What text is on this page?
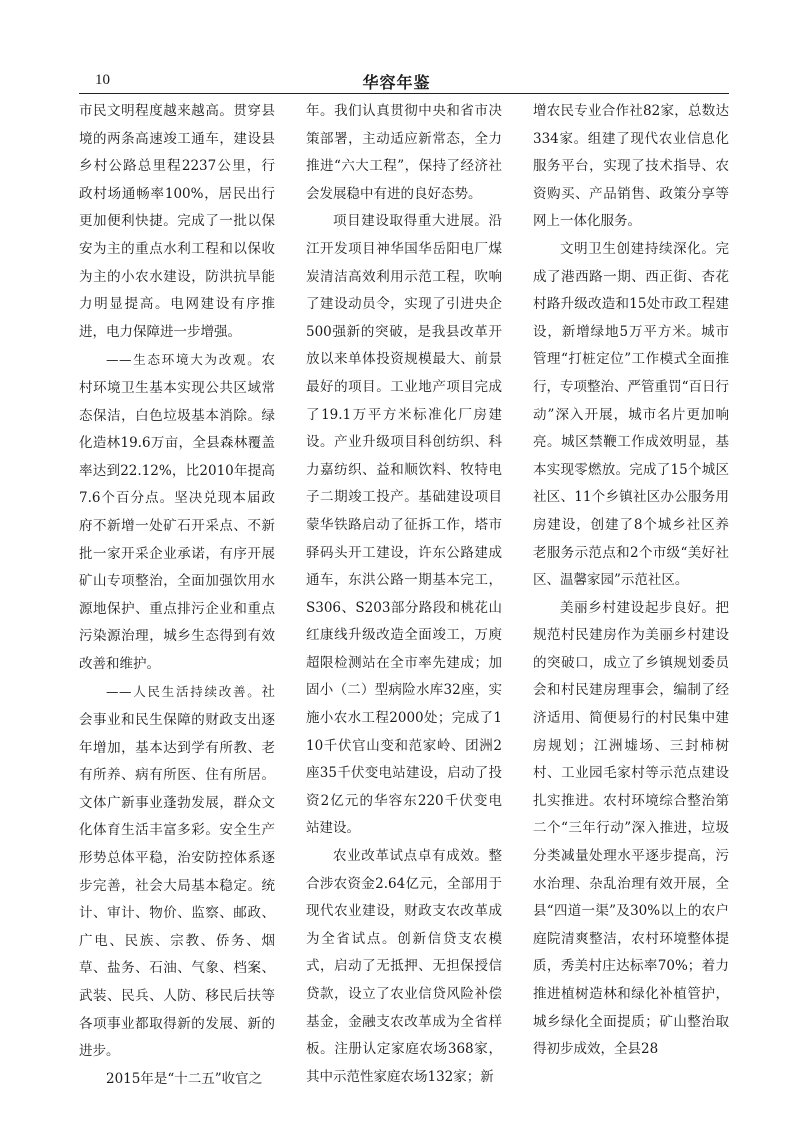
10	华容年鉴

市民文明程度越来越高。贯穿县境的两条高速竣工通车，建设县乡村公路总里程2237公里，行政村场通畅率100%，居民出行更加便利快捷。完成了一批以保安为主的重点水利工程和以保收为主的小农水建设，防洪抗旱能力明显提高。电网建设有序推进，电力保障进一步增强。

——生态环境大为改观。农村环境卫生基本实现公共区域常态保洁，白色垃圾基本消除。绿化造林19.6万亩，全县森林覆盖率达到22.12%，比2010年提高7.6个百分点。坚决兑现本届政府不新增一处矿石开采点、不新批一家开采企业承诺，有序开展矿山专项整治，全面加强饮用水源地保护、重点排污企业和重点污染源治理，城乡生态得到有效改善和维护。

——人民生活持续改善。社会事业和民生保障的财政支出逐年增加，基本达到学有所教、老有所养、病有所医、住有所居。文体广新事业蓬勃发展，群众文化体育生活丰富多彩。安全生产形势总体平稳，治安防控体系逐步完善，社会大局基本稳定。统计、审计、物价、监察、邮政、广电、民族、宗教、侨务、烟草、盐务、石油、气象、档案、武装、民兵、人防、移民后扶等各项事业都取得新的发展、新的进步。

2015年是“十二五”收官之

年。我们认真贯彻中央和省市决策部署，主动适应新常态，全力推进“六大工程”，保持了经济社会发展稳中有进的良好态势。

项目建设取得重大进展。沿江开发项目神华国华岳阳电厂煤炭清洁高效利用示范工程，吹响了建设动员令，实现了引进央企500强新的突破，是我县改革开放以来单体投资规模最大、前景最好的项目。工业地产项目完成了19.1万平方米标准化厂房建设。产业升级项目科创纺织、科力嘉纺织、益和顺饮料、牧特电子二期竣工投产。基础建设项目蒙华铁路启动了征拆工作，塔市驿码头开工建设，许东公路建成通车，东洪公路一期基本完工，S306、S203部分路段和桃花山红康线升级改造全面竣工，万庾超限检测站在全市率先建成；加固小（二）型病险水库32座，实施小农水工程2000处；完成了110千伏官山变和范家岭、团洲2座35千伏变电站建设，启动了投资2亿元的华容东220千伏变电站建设。

农业改革试点卓有成效。整合涉农资金2.64亿元，全部用于现代农业建设，财政支农改革成为全省试点。创新信贷支农模式，启动了无抵押、无担保授信贷款，设立了农业信贷风险补偿基金，金融支农改革成为全省样板。注册认定家庭农场368家，其中示范性家庭农场132家；新

增农民专业合作社82家，总数达334家。组建了现代农业信息化服务平台，实现了技术指导、农资购买、产品销售、政策分享等网上一体化服务。

文明卫生创建持续深化。完成了港西路一期、西正街、杏花村路升级改造和15处市政工程建设，新增绿地5万平方米。城市管理“打桩定位”工作模式全面推行，专项整治、严管重罚“百日行动”深入开展，城市名片更加响亮。城区禁鞭工作成效明显，基本实现零燃放。完成了15个城区社区、11个乡镇社区办公服务用房建设，创建了8个城乡社区养老服务示范点和2个市级“美好社区、温馨家园”示范社区。

美丽乡村建设起步良好。把规范村民建房作为美丽乡村建设的突破口，成立了乡镇规划委员会和村民建房理事会，编制了经济适用、简便易行的村民集中建房规划；江洲墟场、三封柿树村、工业园毛家村等示范点建设扎实推进。农村环境综合整治第二个“三年行动”深入推进，垃圾分类减量处理水平逐步提高，污水治理、杂乱治理有效开展，全县“四道一渠”及30%以上的农户庭院清爽整洁，农村环境整体提质，秀美村庄达标率70%；着力推进植树造林和绿化补植管护，城乡绿化全面提质；矿山整治取得初步成效，全县28
